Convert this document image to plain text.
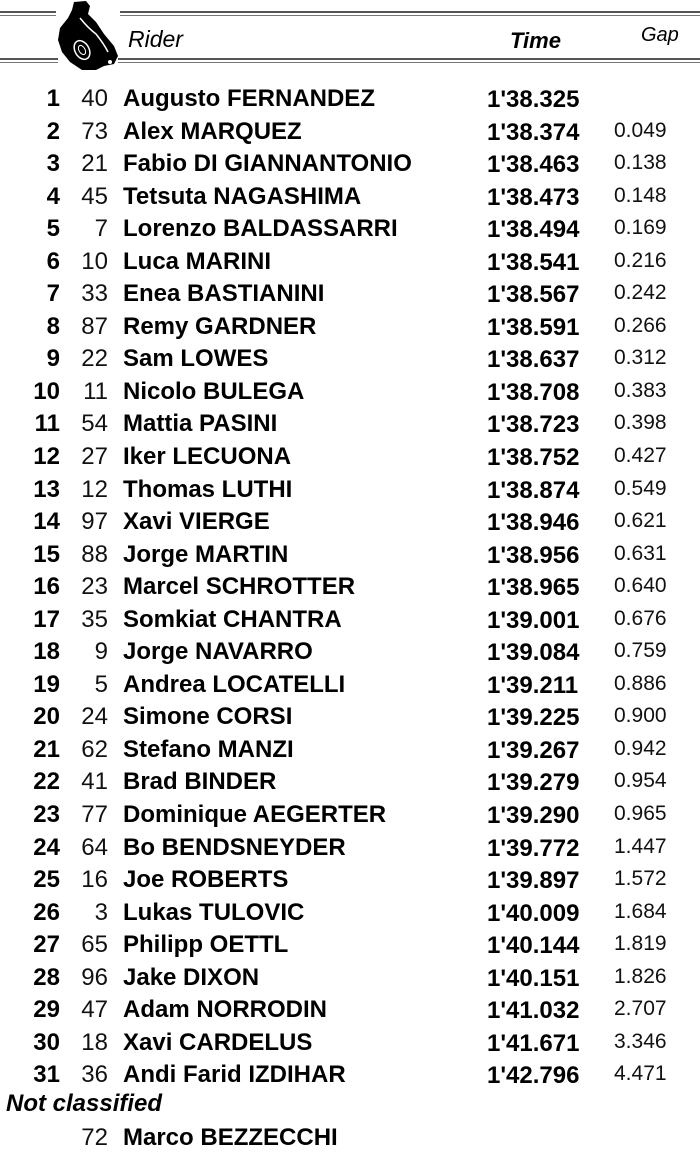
Rider	Time	Gap
1 40 Augusto FERNANDEZ	1'38.325
2 73 Alex MARQUEZ	1'38.374 0.049
3 21 Fabio DI GIANNANTONIO	1'38.463 0.138
4 45 Tetsuta NAGASHIMA	1'38.473 0.148
5 7 Lorenzo BALDASSARRI	1'38.494 0.169
6 10 Luca MARINI	1'38.541 0.216
7 33 Enea BASTIANINI	1'38.567 0.242
8 87 Remy GARDNER	1'38.591 0.266
9 22 Sam LOWES	1'38.637 0.312
10 11 Nicolo BULEGA	1'38.708 0.383
11 54 Mattia PASINI	1'38.723 0.398
12 27 Iker LECUONA	1'38.752 0.427
13 12 Thomas LUTHI	1'38.874 0.549
14 97 Xavi VIERGE	1'38.946 0.621
15 88 Jorge MARTIN	1'38.956 0.631
16 23 Marcel SCHROTTER	1'38.965 0.640
17 35 Somkiat CHANTRA	1'39.001 0.676
18 9 Jorge NAVARRO	1'39.084 0.759
19 5 Andrea LOCATELLI	1'39.211 0.886
20 24 Simone CORSI	1'39.225 0.900
21 62 Stefano MANZI	1'39.267 0.942
22 41 Brad BINDER	1'39.279 0.954
23 77 Dominique AEGERTER	1'39.290 0.965
24 64 Bo BENDSNEYDER	1'39.772 1.447
25 16 Joe ROBERTS	1'39.897 1.572
26 3 Lukas TULOVIC	1'40.009 1.684
27 65 Philipp OETTL	1'40.144 1.819
28 96 Jake DIXON	1'40.151 1.826
29 47 Adam NORRODIN	1'41.032 2.707
30 18 Xavi CARDELUS	1'41.671 3.346
31 36 Andi Farid IZDIHAR	1'42.796 4.471
Not classified
72 Marco BEZZECCHI
